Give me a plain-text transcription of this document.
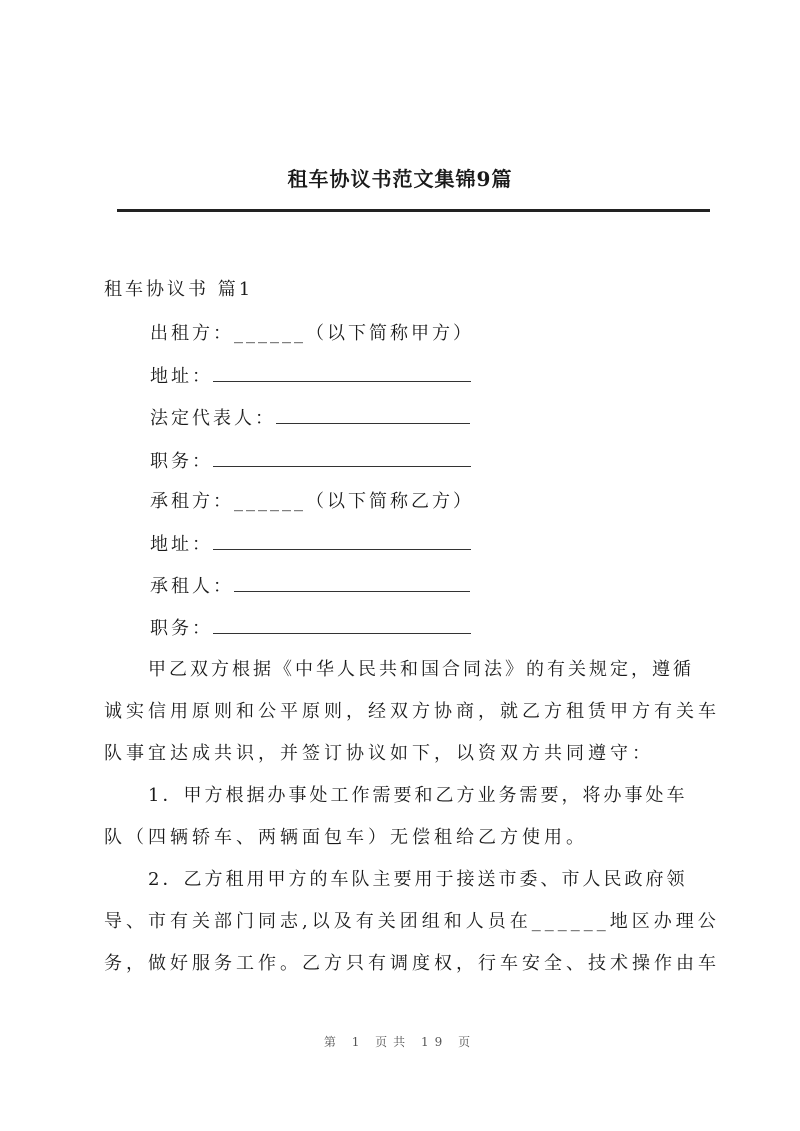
租车协议书范文集锦9篇
租车协议书 篇1
出租方：______（以下简称甲方）
地址：
法定代表人：
职务：
承租方：______（以下简称乙方）
地址：
承租人：
职务：
甲乙双方根据《中华人民共和国合同法》的有关规定，遵循
诚实信用原则和公平原则，经双方协商，就乙方租赁甲方有关车
队事宜达成共识，并签订协议如下，以资双方共同遵守：
1．甲方根据办事处工作需要和乙方业务需要，将办事处车
队（四辆轿车、两辆面包车）无偿租给乙方使用。
2．乙方租用甲方的车队主要用于接送市委、市人民政府领
导、市有关部门同志,以及有关团组和人员在______地区办理公
务，做好服务工作。乙方只有调度权，行车安全、技术操作由车
第 1 页共 19 页
